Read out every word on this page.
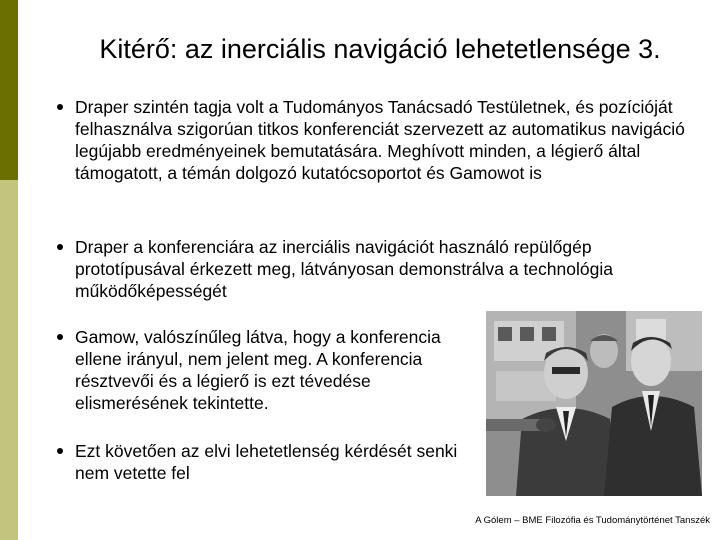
Kitérő: az inerciális navigáció lehetetlensége 3.
Draper szintén tagja volt a Tudományos Tanácsadó Testületnek, és pozícióját felhasználva szigorúan titkos konferenciát szervezett az automatikus navigáció legújabb eredményeinek bemutatására. Meghívott minden, a légierő által támogatott, a témán dolgozó kutatócsoportot és Gamowot is
Draper a konferenciára az inerciális navigációt használó repülőgép prototípusával érkezett meg, látványosan demonstrálva a technológia működőképességét
Gamow, valószínűleg látva, hogy a konferencia ellene irányul, nem jelent meg. A konferencia résztvevői és a légierő is ezt tévedése elismerésének tekintette.
Ezt követően az elvi lehetetlenség kérdését senki nem vetette fel
A Gólem – BME Filozófia és Tudománytörténet Tanszék
